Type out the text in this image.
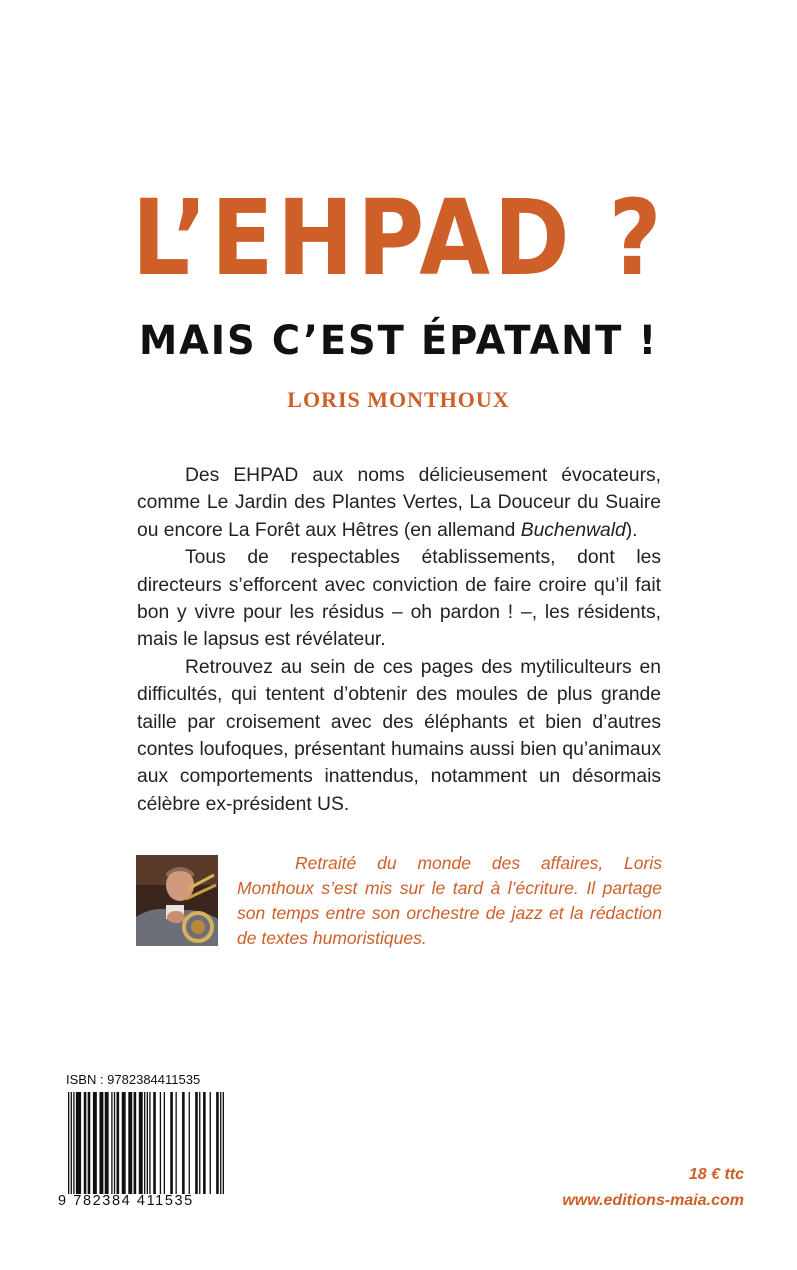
L’EHPAD ?
MAIS C’EST ÉPATANT !
LORIS MONTHOUX

Des EHPAD aux noms délicieusement évocateurs, comme Le Jardin des Plantes Vertes, La Douceur du Suaire ou encore La Forêt aux Hêtres (en allemand Buchenwald).

Tous de respectables établissements, dont les directeurs s’efforcent avec conviction de faire croire qu’il fait bon y vivre pour les résidus – oh pardon ! –, les résidents, mais le lapsus est révélateur.

Retrouvez au sein de ces pages des mytiliculteurs en difficultés, qui tentent d’obtenir des moules de plus grande taille par croisement avec des éléphants et bien d’autres contes loufoques, présentant humains aussi bien qu’animaux aux comportements inattendus, notamment un désormais célèbre ex-président US.

Retraité du monde des affaires, Loris Monthoux s’est mis sur le tard à l’écriture. Il partage son temps entre son orchestre de jazz et la rédaction de textes humoristiques.
ISBN : 9782384411535
9 782384 411535
18 € ttc
www.editions-maia.com
